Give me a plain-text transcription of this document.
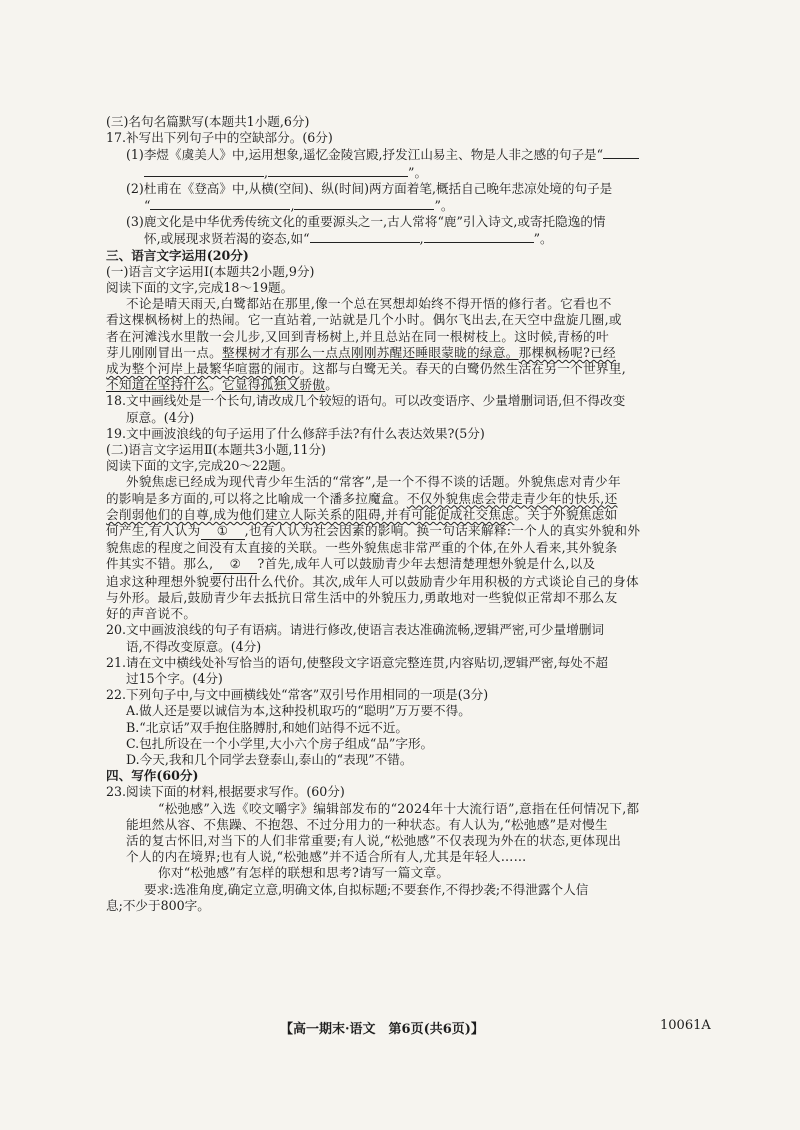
(三)名句名篇默写(本题共1小题,6分)
17.补写出下列句子中的空缺部分。(6分)
(1)李煜《虞美人》中,运用想象,遥忆金陵宫殿,抒发江山易主、物是人非之感的句子是“
,	”。
(2)杜甫在《登高》中,从横(空间)、纵(时间)两方面着笔,概括自己晚年悲凉处境的句子是
“	,	”。
(3)鹿文化是中华优秀传统文化的重要源头之一,古人常将“鹿”引入诗文,或寄托隐逸的情
怀,或展现求贤若渴的姿态,如“	,	”。
三、语言文字运用(20分)
(一)语言文字运用Ⅰ(本题共2小题,9分)
阅读下面的文字,完成18～19题。
不论是晴天雨天,白鹭都站在那里,像一个总在冥想却始终不得开悟的修行者。它看也不
看这棵枫杨树上的热闹。它一直站着,一站就是几个小时。偶尔飞出去,在天空中盘旋几圈,或
者在河滩浅水里散一会儿步,又回到青杨树上,并且总站在同一根树枝上。这时候,青杨的叶
芽儿刚刚冒出一点。整棵树才有那么一点点刚刚苏醒还睡眼蒙眬的绿意。那棵枫杨呢?已经
成为整个河岸上最繁华喧嚣的闹市。这都与白鹭无关。春天的白鹭仍然生活在另一个世界里,
不知道在坚持什么。它显得孤独又骄傲。
18.文中画线处是一个长句,请改成几个较短的语句。可以改变语序、少量增删词语,但不得改变
原意。(4分)
19.文中画波浪线的句子运用了什么修辞手法?有什么表达效果?(5分)
(二)语言文字运用Ⅱ(本题共3小题,11分)
阅读下面的文字,完成20～22题。
外貌焦虑已经成为现代青少年生活的“常客”,是一个不得不谈的话题。外貌焦虑对青少年
的影响是多方面的,可以将之比喻成一个潘多拉魔盒。不仅外貌焦虑会带走青少年的快乐,还
会削弱他们的自尊,成为他们建立人际关系的阻碍,并有可能促成社交焦虑。关于外貌焦虑如
何产生,有人认为 ① ,也有人认为社会因素的影响。换一句话来解释:一个人的真实外貌和外
貌焦虑的程度之间没有太直接的关联。一些外貌焦虑非常严重的个体,在外人看来,其外貌条
件其实不错。那么, ② ?首先,成年人可以鼓励青少年去想清楚理想外貌是什么,以及
追求这种理想外貌要付出什么代价。其次,成年人可以鼓励青少年用积极的方式谈论自己的身体
与外形。最后,鼓励青少年去抵抗日常生活中的外貌压力,勇敢地对一些貌似正常却不那么友
好的声音说不。
20.文中画波浪线的句子有语病。请进行修改,使语言表达准确流畅,逻辑严密,可少量增删词
语,不得改变原意。(4分)
21.请在文中横线处补写恰当的语句,使整段文字语意完整连贯,内容贴切,逻辑严密,每处不超
过15个字。(4分)
22.下列句子中,与文中画横线处“常客”双引号作用相同的一项是(3分)
A.做人还是要以诚信为本,这种投机取巧的“聪明”万万要不得。
B.“北京话”双手抱住胳膊肘,和她们站得不远不近。
C.包扎所设在一个小学里,大小六个房子组成“品”字形。
D.今天,我和几个同学去登泰山,泰山的“表现”不错。
四、写作(60分)
23.阅读下面的材料,根据要求写作。(60分)
“松弛感”入选《咬文嚼字》编辑部发布的“2024年十大流行语”,意指在任何情况下,都
能坦然从容、不焦躁、不抱怨、不过分用力的一种状态。有人认为,“松弛感”是对慢生
活的复古怀旧,对当下的人们非常重要;有人说,“松弛感”不仅表现为外在的状态,更体现出
个人的内在境界;也有人说,“松弛感”并不适合所有人,尤其是年轻人……
你对“松弛感”有怎样的联想和思考?请写一篇文章。
要求:选准角度,确定立意,明确文体,自拟标题;不要套作,不得抄袭;不得泄露个人信
息;不少于800字。
【高一期末·语文　第6页(共6页)】	10061A
